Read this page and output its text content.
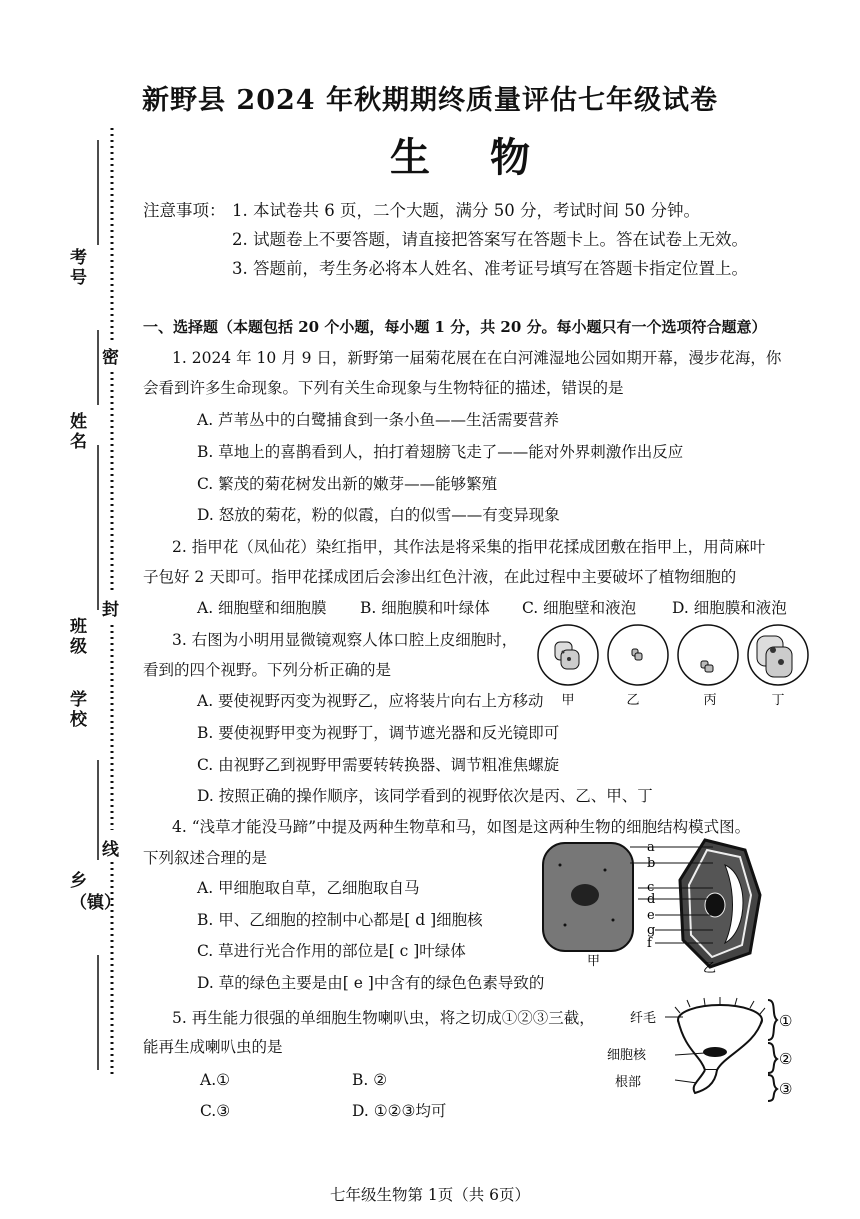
考号
姓名
学校
班级
乡（镇）
密
封
线
新野县 2024 年秋期期终质量评估七年级试卷
生物
注意事项： 1. 本试卷共 6 页，二个大题，满分 50 分，考试时间 50 分钟。
2. 试题卷上不要答题，请直接把答案写在答题卡上。答在试卷上无效。
3. 答题前，考生务必将本人姓名、准考证号填写在答题卡指定位置上。
一、选择题（本题包括 20 个小题，每小题 1 分，共 20 分。每小题只有一个选项符合题意）
1. 2024 年 10 月 9 日，新野第一届菊花展在在白河滩湿地公园如期开幕，漫步花海，你
会看到许多生命现象。下列有关生命现象与生物特征的描述，错误的是
A. 芦苇丛中的白鹭捕食到一条小鱼——生活需要营养
B. 草地上的喜鹊看到人，拍打着翅膀飞走了——能对外界刺激作出反应
C. 繁茂的菊花树发出新的嫩芽——能够繁殖
D. 怒放的菊花，粉的似霞，白的似雪——有变异现象
2. 指甲花（凤仙花）染红指甲，其作法是将采集的指甲花揉成团敷在指甲上，用苘麻叶
子包好 2 天即可。指甲花揉成团后会渗出红色汁液，在此过程中主要破坏了植物细胞的
A. 细胞壁和细胞膜 B. 细胞膜和叶绿体 C. 细胞壁和液泡 D. 细胞膜和液泡
3. 右图为小明用显微镜观察人体口腔上皮细胞时，
看到的四个视野。下列分析正确的是
A. 要使视野丙变为视野乙，应将装片向右上方移动
B. 要使视野甲变为视野丁，调节遮光器和反光镜即可
C. 由视野乙到视野甲需要转转换器、调节粗准焦螺旋
D. 按照正确的操作顺序，该同学看到的视野依次是丙、乙、甲、丁
甲	乙	丙	丁
4. “浅草才能没马蹄”中提及两种生物草和马，如图是这两种生物的细胞结构模式图。
下列叙述合理的是
A. 甲细胞取自草，乙细胞取自马
B. 甲、乙细胞的控制中心都是[ d ]细胞核
C. 草进行光合作用的部位是[ c ]叶绿体
D. 草的绿色主要是由[ e ]中含有的绿色色素导致的
a
b
c
d
e
g
f
甲	乙
5. 再生能力很强的单细胞生物喇叭虫，将之切成①②③三截，
能再生成喇叭虫的是
A.①	B. ②
C.③	D. ①②③均可
纤毛
细胞核
根部
①
②
③
七年级生物第 1页（共 6页）
